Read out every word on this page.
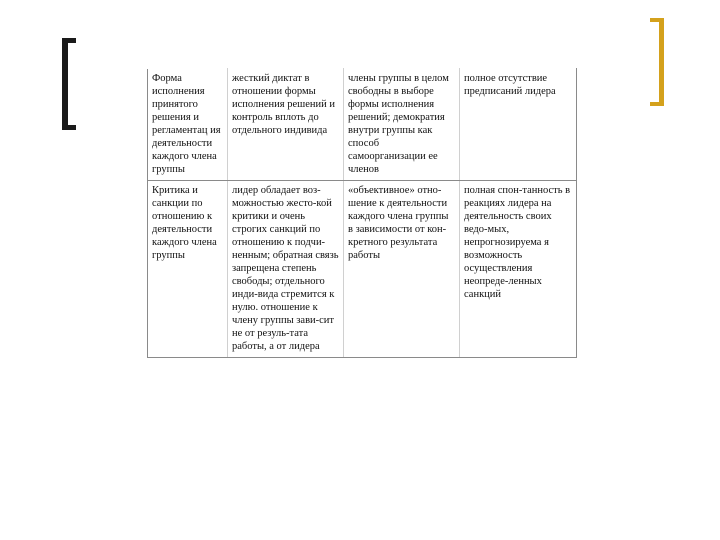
Форма исполнения принятого решения и регламентац ия деятельности каждого члена группы	жесткий диктат в отношении формы исполнения решений и контроль вплоть до отдельного индивида	члены группы в целом свободны в выборе формы исполнения решений; демократия внутри группы как способ самоорганизации ее членов	полное отсутствие предписаний лидера
Критика и санкции по отношению к деятельности каждого члена группы	лидер обладает воз-можностью жесто-кой критики и очень строгих санкций по отношению к подчи-ненным; обратная связь запрещена степень свободы; отдельного инди-вида стремится к нулю. отношение к члену группы зави-сит не от резуль-тата работы, а от лидера	«объективное» отно-шение к деятельности каждого члена группы в зависимости от кон-кретного результата работы	полная спон-танность в реакциях лидера на деятельность своих ведо-мых, непрогнозируема я возможность осуществления неопреде-ленных санкций
